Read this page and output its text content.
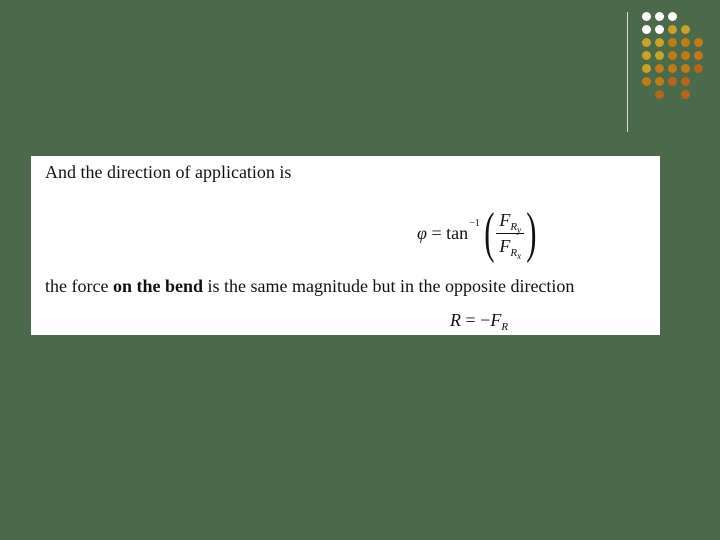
And the direction of application is
φ = tan −1 ( $\frac{F_{Ry}}{F_{Rx}}$ )
the force on the bend is the same magnitude but in the opposite direction
$R = -F_R$
